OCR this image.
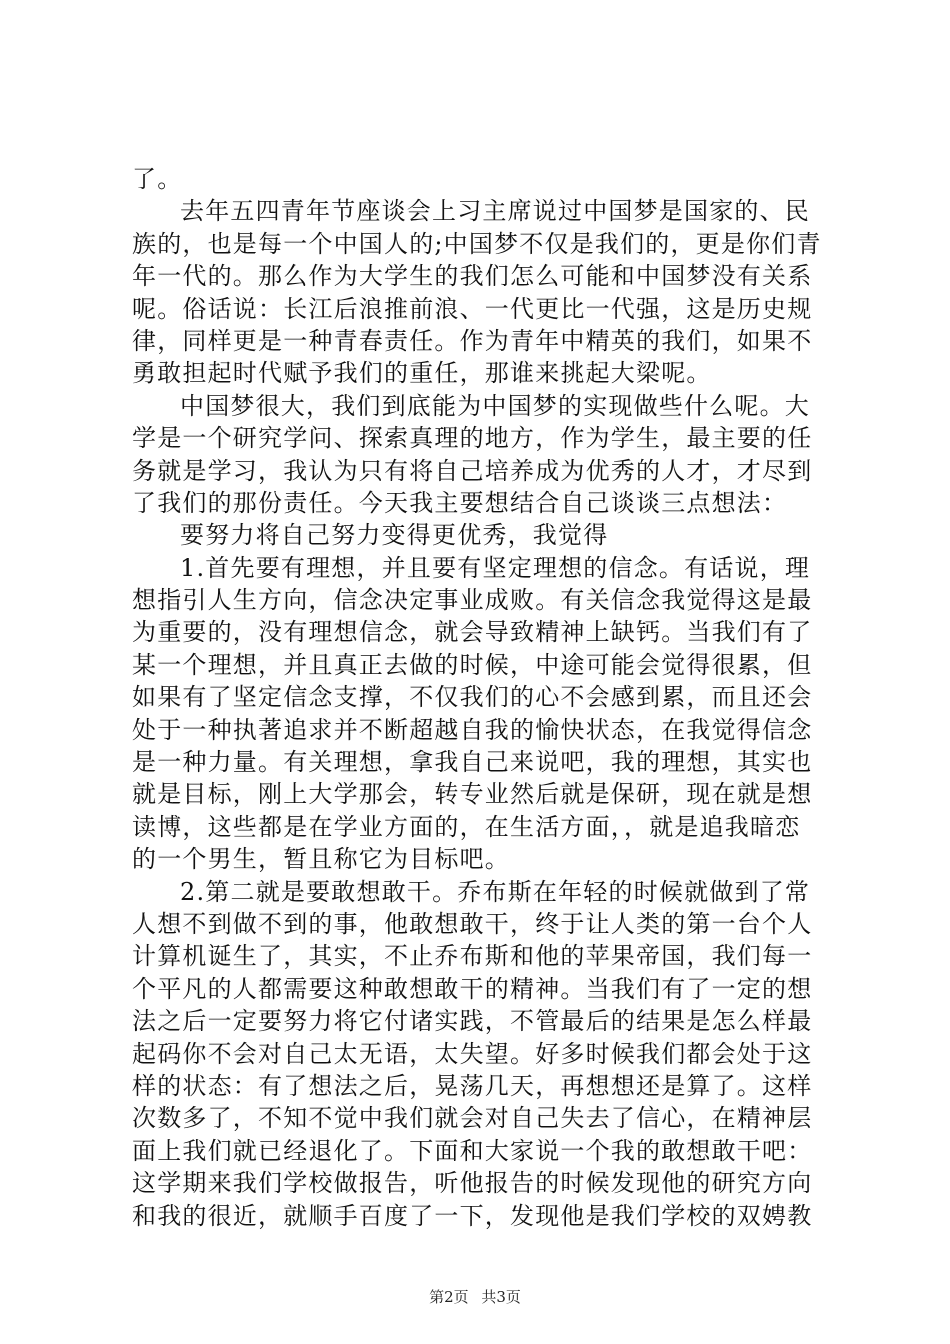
了。
去年五四青年节座谈会上习主席说过中国梦是国家的、民
族的，也是每一个中国人的;中国梦不仅是我们的，更是你们青
年一代的。那么作为大学生的我们怎么可能和中国梦没有关系
呢。俗话说：长江后浪推前浪、一代更比一代强，这是历史规
律，同样更是一种青春责任。作为青年中精英的我们，如果不
勇敢担起时代赋予我们的重任，那谁来挑起大梁呢。
中国梦很大，我们到底能为中国梦的实现做些什么呢。大
学是一个研究学问、探索真理的地方，作为学生，最主要的任
务就是学习，我认为只有将自己培养成为优秀的人才，才尽到
了我们的那份责任。今天我主要想结合自己谈谈三点想法：
要努力将自己努力变得更优秀，我觉得
1.首先要有理想，并且要有坚定理想的信念。有话说，理
想指引人生方向，信念决定事业成败。有关信念我觉得这是最
为重要的，没有理想信念，就会导致精神上缺钙。当我们有了
某一个理想，并且真正去做的时候，中途可能会觉得很累，但
如果有了坚定信念支撑，不仅我们的心不会感到累，而且还会
处于一种执著追求并不断超越自我的愉快状态，在我觉得信念
是一种力量。有关理想，拿我自己来说吧，我的理想，其实也
就是目标，刚上大学那会，转专业然后就是保研，现在就是想
读博，这些都是在学业方面的，在生活方面，，就是追我暗恋
的一个男生，暂且称它为目标吧。
2.第二就是要敢想敢干。乔布斯在年轻的时候就做到了常
人想不到做不到的事，他敢想敢干，终于让人类的第一台个人
计算机诞生了，其实，不止乔布斯和他的苹果帝国，我们每一
个平凡的人都需要这种敢想敢干的精神。当我们有了一定的想
法之后一定要努力将它付诸实践，不管最后的结果是怎么样最
起码你不会对自己太无语，太失望。好多时候我们都会处于这
样的状态：有了想法之后，晃荡几天，再想想还是算了。这样
次数多了，不知不觉中我们就会对自己失去了信心，在精神层
面上我们就已经退化了。下面和大家说一个我的敢想敢干吧：
这学期来我们学校做报告，听他报告的时候发现他的研究方向
和我的很近，就顺手百度了一下，发现他是我们学校的双娉教
第2页 共3页
